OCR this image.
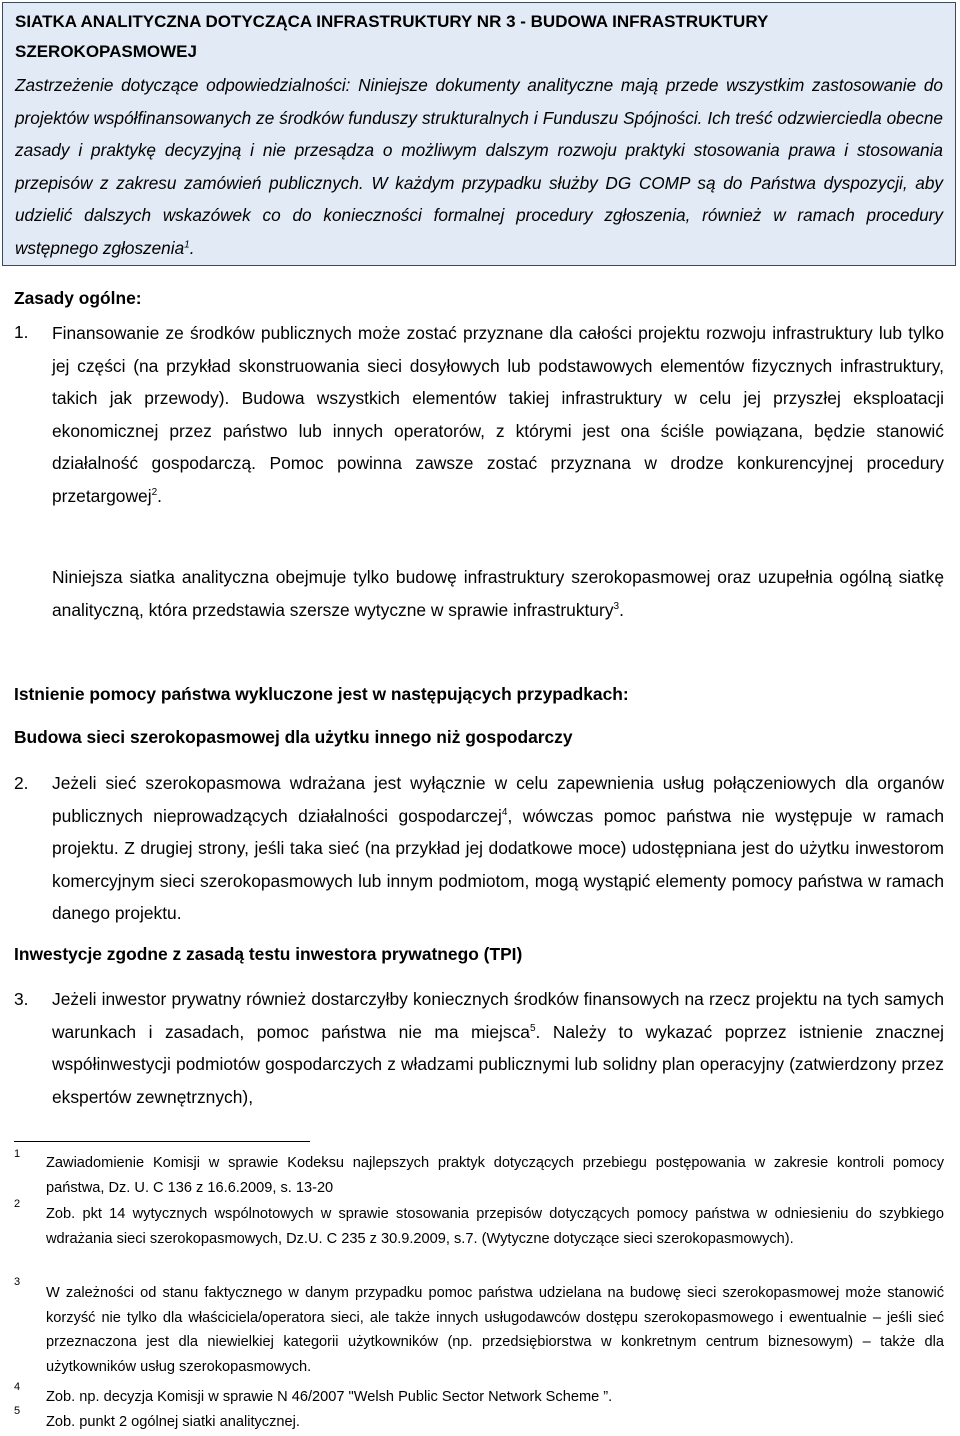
SIATKA ANALITYCZNA DOTYCZĄCA INFRASTRUKTURY NR 3 - BUDOWA INFRASTRUKTURY SZEROKOPASMOWEJ
Zastrzeżenie dotyczące odpowiedzialności: Niniejsze dokumenty analityczne mają przede wszystkim zastosowanie do projektów współfinansowanych ze środków funduszy strukturalnych i Funduszu Spójności. Ich treść odzwierciedla obecne zasady i praktykę decyzyjną i nie przesądza o możliwym dalszym rozwoju praktyki stosowania prawa i stosowania przepisów z zakresu zamówień publicznych. W każdym przypadku służby DG COMP są do Państwa dyspozycji, aby udzielić dalszych wskazówek co do konieczności formalnej procedury zgłoszenia, również w ramach procedury wstępnego zgłoszenia$^1$.
Zasady ogólne:
1. Finansowanie ze środków publicznych może zostać przyznane dla całości projektu rozwoju infrastruktury lub tylko jej części (na przykład skonstruowania sieci dosyłowych lub podstawowych elementów fizycznych infrastruktury, takich jak przewody). Budowa wszystkich elementów takiej infrastruktury w celu jej przyszłej eksploatacji ekonomicznej przez państwo lub innych operatorów, z którymi jest ona ściśle powiązana, będzie stanowić działalność gospodarczą. Pomoc powinna zawsze zostać przyznana w drodze konkurencyjnej procedury przetargowej$^2$.
Niniejsza siatka analityczna obejmuje tylko budowę infrastruktury szerokopasmowej oraz uzupełnia ogólną siatkę analityczną, która przedstawia szersze wytyczne w sprawie infrastruktury$^3$.
Istnienie pomocy państwa wykluczone jest w następujących przypadkach:
Budowa sieci szerokopasmowej dla użytku innego niż gospodarczy
2. Jeżeli sieć szerokopasmowa wdrażana jest wyłącznie w celu zapewnienia usług połączeniowych dla organów publicznych nieprowadzących działalności gospodarczej$^4$, wówczas pomoc państwa nie występuje w ramach projektu. Z drugiej strony, jeśli taka sieć (na przykład jej dodatkowe moce) udostępniana jest do użytku inwestorom komercyjnym sieci szerokopasmowych lub innym podmiotom, mogą wystąpić elementy pomocy państwa w ramach danego projektu.
Inwestycje zgodne z zasadą testu inwestora prywatnego (TPI)
3. Jeżeli inwestor prywatny również dostarczyłby koniecznych środków finansowych na rzecz projektu na tych samych warunkach i zasadach, pomoc państwa nie ma miejsca$^5$. Należy to wykazać poprzez istnienie znacznej współinwestycji podmiotów gospodarczych z władzami publicznymi lub solidny plan operacyjny (zatwierdzony przez ekspertów zewnętrznych),
1
Zawiadomienie Komisji w sprawie Kodeksu najlepszych praktyk dotyczących przebiegu postępowania w zakresie kontroli pomocy państwa, Dz. U. C 136 z 16.6.2009, s. 13-20
2
Zob. pkt 14 wytycznych wspólnotowych w sprawie stosowania przepisów dotyczących pomocy państwa w odniesieniu do szybkiego wdrażania sieci szerokopasmowych, Dz.U. C 235 z 30.9.2009, s.7. (Wytyczne dotyczące sieci szerokopasmowych).
3
W zależności od stanu faktycznego w danym przypadku pomoc państwa udzielana na budowę sieci szerokopasmowej może stanowić korzyść nie tylko dla właściciela/operatora sieci, ale także innych usługodawców dostępu szerokopasmowego i ewentualnie – jeśli sieć przeznaczona jest dla niewielkiej kategorii użytkowników (np. przedsiębiorstwa w konkretnym centrum biznesowym) – także dla użytkowników usług szerokopasmowych.
4
Zob. np. decyzja Komisji w sprawie N 46/2007 "Welsh Public Sector Network Scheme ”.
5
Zob. punkt 2 ogólnej siatki analitycznej.
